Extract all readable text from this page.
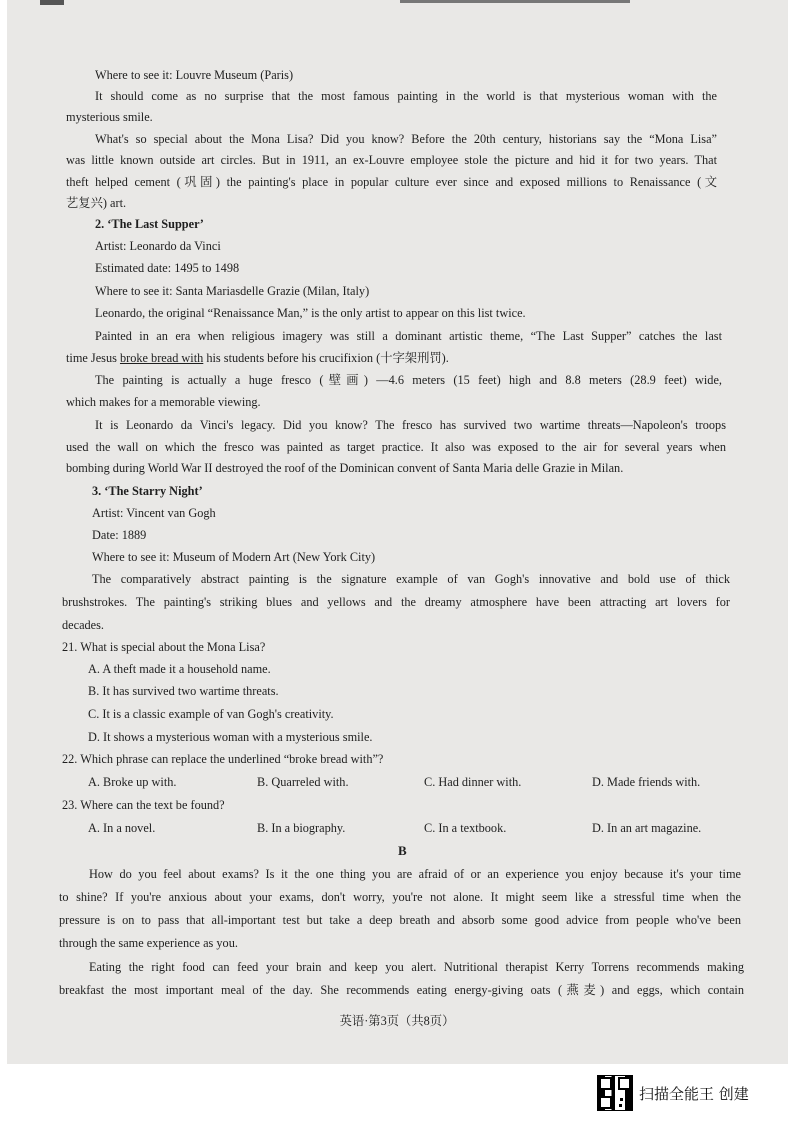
Where to see it: Louvre Museum (Paris)
It should come as no surprise that the most famous painting in the world is that mysterious woman with the
mysterious smile.
What's so special about the Mona Lisa? Did you know? Before the 20th century, historians say the “Mona Lisa”
was little known outside art circles. But in 1911, an ex-Louvre employee stole the picture and hid it for two years. That
theft helped cement (巩固) the painting's place in popular culture ever since and exposed millions to Renaissance (文
艺复兴) art.
2. ‘The Last Supper’
Artist: Leonardo da Vinci
Estimated date: 1495 to 1498
Where to see it: Santa Mariasdelle Grazie (Milan, Italy)
Leonardo, the original “Renaissance Man,” is the only artist to appear on this list twice.
Painted in an era when religious imagery was still a dominant artistic theme, “The Last Supper” catches the last
time Jesus broke bread with his students before his crucifixion (十字架刑罚).
The painting is actually a huge fresco (壁画) —4.6 meters (15 feet) high and 8.8 meters (28.9 feet) wide,
which makes for a memorable viewing.
It is Leonardo da Vinci's legacy. Did you know? The fresco has survived two wartime threats—Napoleon's troops
used the wall on which the fresco was painted as target practice. It also was exposed to the air for several years when
bombing during World War II destroyed the roof of the Dominican convent of Santa Maria delle Grazie in Milan.
3. ‘The Starry Night’
Artist: Vincent van Gogh
Date: 1889
Where to see it: Museum of Modern Art (New York City)
The comparatively abstract painting is the signature example of van Gogh's innovative and bold use of thick
brushstrokes. The painting's striking blues and yellows and the dreamy atmosphere have been attracting art lovers for
decades.
21. What is special about the Mona Lisa?
A. A theft made it a household name.
B. It has survived two wartime threats.
C. It is a classic example of van Gogh's creativity.
D. It shows a mysterious woman with a mysterious smile.
22. Which phrase can replace the underlined “broke bread with”?
A. Broke up with.	B. Quarreled with.	C. Had dinner with.	D. Made friends with.
23. Where can the text be found?
A. In a novel.	B. In a biography.	C. In a textbook.	D. In an art magazine.
B
How do you feel about exams? Is it the one thing you are afraid of or an experience you enjoy because it's your time
to shine? If you're anxious about your exams, don't worry, you're not alone. It might seem like a stressful time when the
pressure is on to pass that all-important test but take a deep breath and absorb some good advice from people who've been
through the same experience as you.
Eating the right food can feed your brain and keep you alert. Nutritional therapist Kerry Torrens recommends making
breakfast the most important meal of the day. She recommends eating energy-giving oats (燕麦) and eggs, which contain
英语·第3页（共8页）
扫描全能王 创建
